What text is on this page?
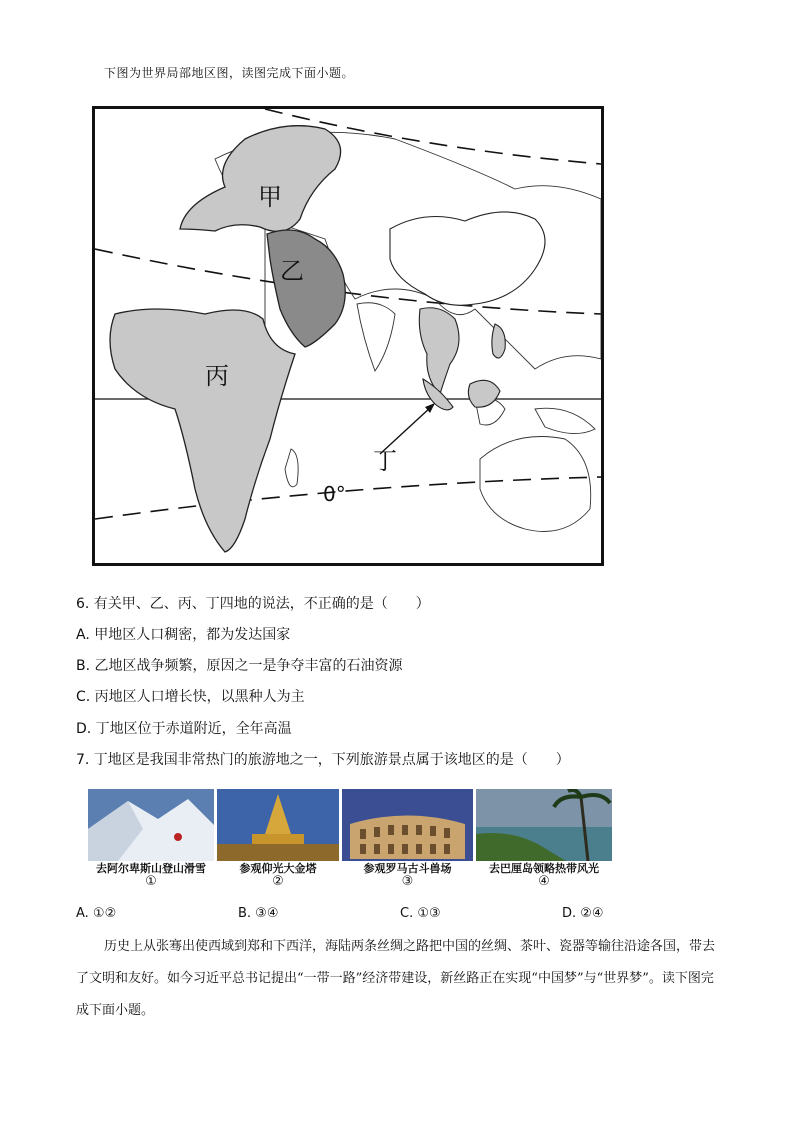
下图为世界局部地区图，读图完成下面小题。
甲
乙
丙
丁
0°
6. 有关甲、乙、丙、丁四地的说法，不正确的是（　　）
A. 甲地区人口稠密，都为发达国家
B. 乙地区战争频繁，原因之一是争夺丰富的石油资源
C. 丙地区人口增长快，以黑种人为主
D. 丁地区位于赤道附近，全年高温
7. 丁地区是我国非常热门的旅游地之一，下列旅游景点属于该地区的是（　　）
去阿尔卑斯山登山滑雪
①
参观仰光大金塔
②
参观罗马古斗兽场
③
去巴厘岛领略热带风光
④
A. ①②	B. ③④	C. ①③	D. ②④
历史上从张骞出使西域到郑和下西洋，海陆两条丝绸之路把中国的丝绸、茶叶、瓷器等输往沿途各国，带去了文明和友好。如今习近平总书记提出“一带一路”经济带建设，新丝路正在实现“中国梦”与“世界梦”。读下图完成下面小题。
